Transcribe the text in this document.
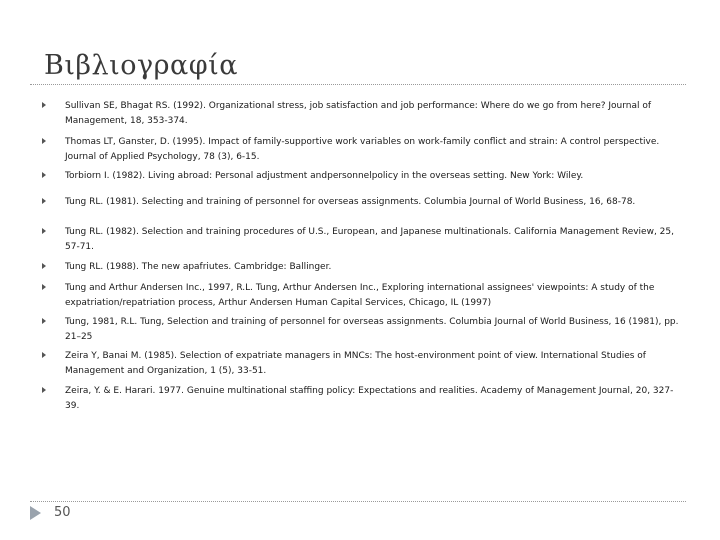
Βιβλιογραφία
Sullivan SE, Bhagat RS. (1992). Organizational stress, job satisfaction and job performance: Where do we go from here? Journal of Management, 18, 353-374.
Thomas LT, Ganster, D. (1995). Impact of family-supportive work variables on work-family conflict and strain: A control perspective. Journal of Applied Psychology, 78 (3), 6-15.
Torbiorn I. (1982). Living abroad: Personal adjustment andpersonnelpolicy in the overseas setting. New York: Wiley.
Tung RL. (1981). Selecting and training of personnel for overseas assignments. Columbia Journal of World Business, 16, 68-78.
Tung RL. (1982). Selection and training procedures of U.S., European, and Japanese multinationals. California Management Review, 25, 57-71.
Tung RL. (1988). The new apafriutes. Cambridge: Ballinger.
Tung and Arthur Andersen Inc., 1997, R.L. Tung, Arthur Andersen Inc., Exploring international assignees' viewpoints: A study of the expatriation/repatriation process, Arthur Andersen Human Capital Services, Chicago, IL (1997)
Tung, 1981, R.L. Tung, Selection and training of personnel for overseas assignments. Columbia Journal of World Business, 16 (1981), pp. 21–25
Zeira Y, Banai M. (1985). Selection of expatriate managers in MNCs: The host-environment point of view. International Studies of Management and Organization, 1 (5), 33-51.
Zeira, Y. & E. Harari. 1977. Genuine multinational staffing policy: Expectations and realities. Academy of Management Journal, 20, 327-39.
50
